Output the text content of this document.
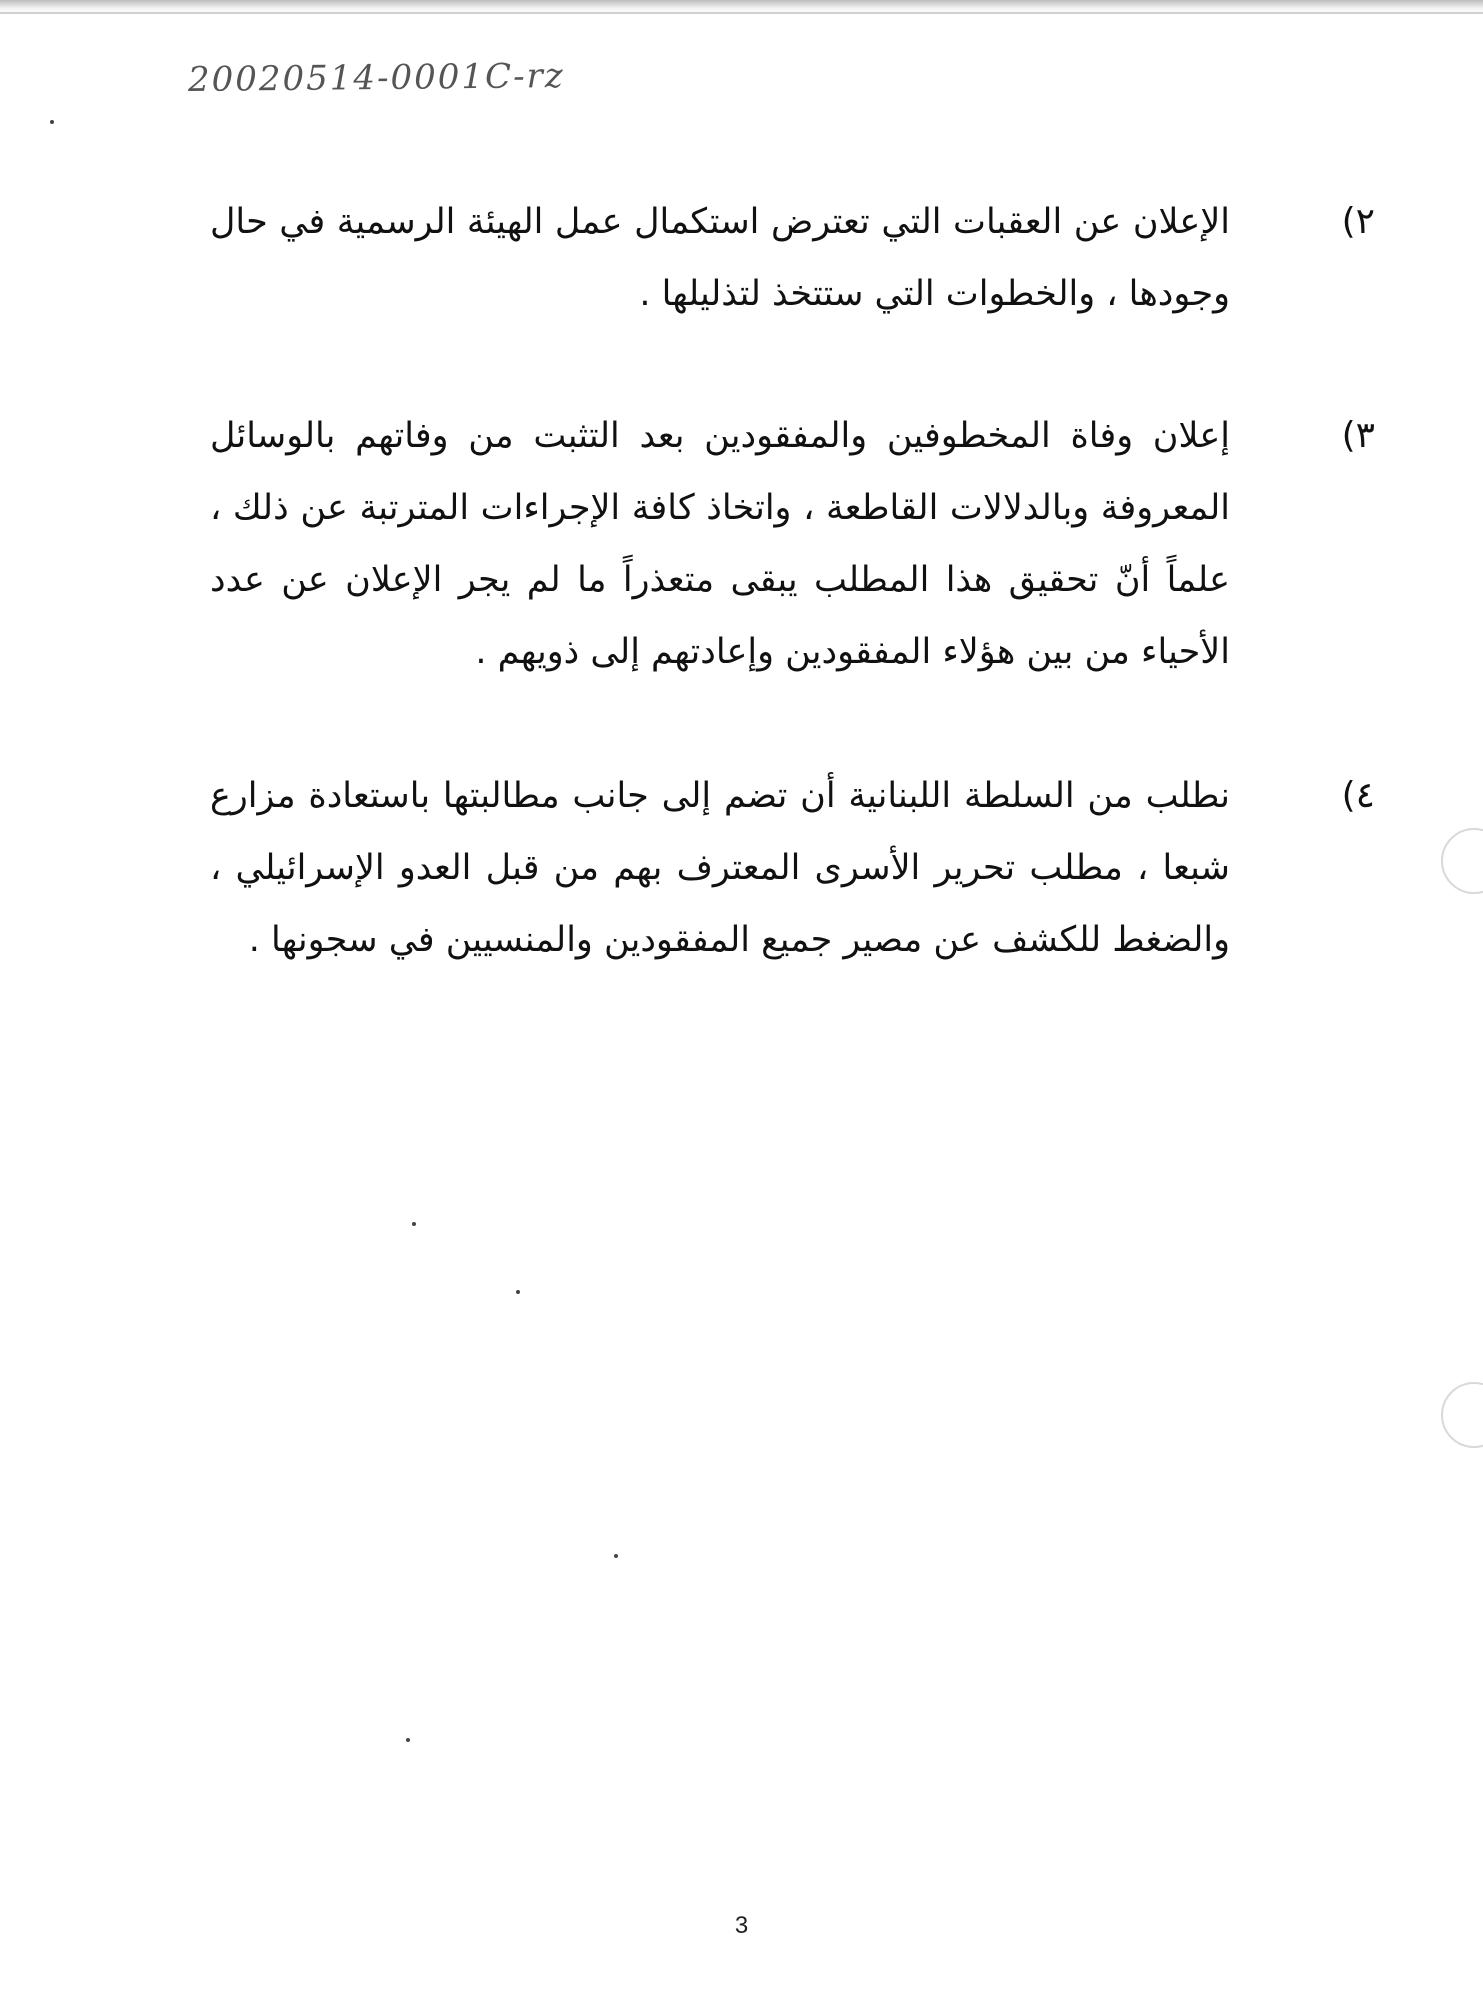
20020514-0001C-rz
٢)
الإعلان عن العقبات التي تعترض استكمال عمل الهيئة الرسمية في حال وجودها ، والخطوات التي ستتخذ لتذليلها .
٣)
إعلان وفاة المخطوفين والمفقودين بعد التثبت من وفاتهم بالوسائل المعروفة وبالدلالات القاطعة ، واتخاذ كافة الإجراءات المترتبة عن ذلك ، علماً أنّ تحقيق هذا المطلب يبقى متعذراً ما لم يجر الإعلان عن عدد الأحياء من بين هؤلاء المفقودين وإعادتهم إلى ذويهم .
٤)
نطلب من السلطة اللبنانية أن تضم إلى جانب مطالبتها باستعادة مزارع شبعا ، مطلب تحرير الأسرى المعترف بهم من قبل العدو الإسرائيلي ، والضغط للكشف عن مصير جميع المفقودين والمنسيين في سجونها .
3
